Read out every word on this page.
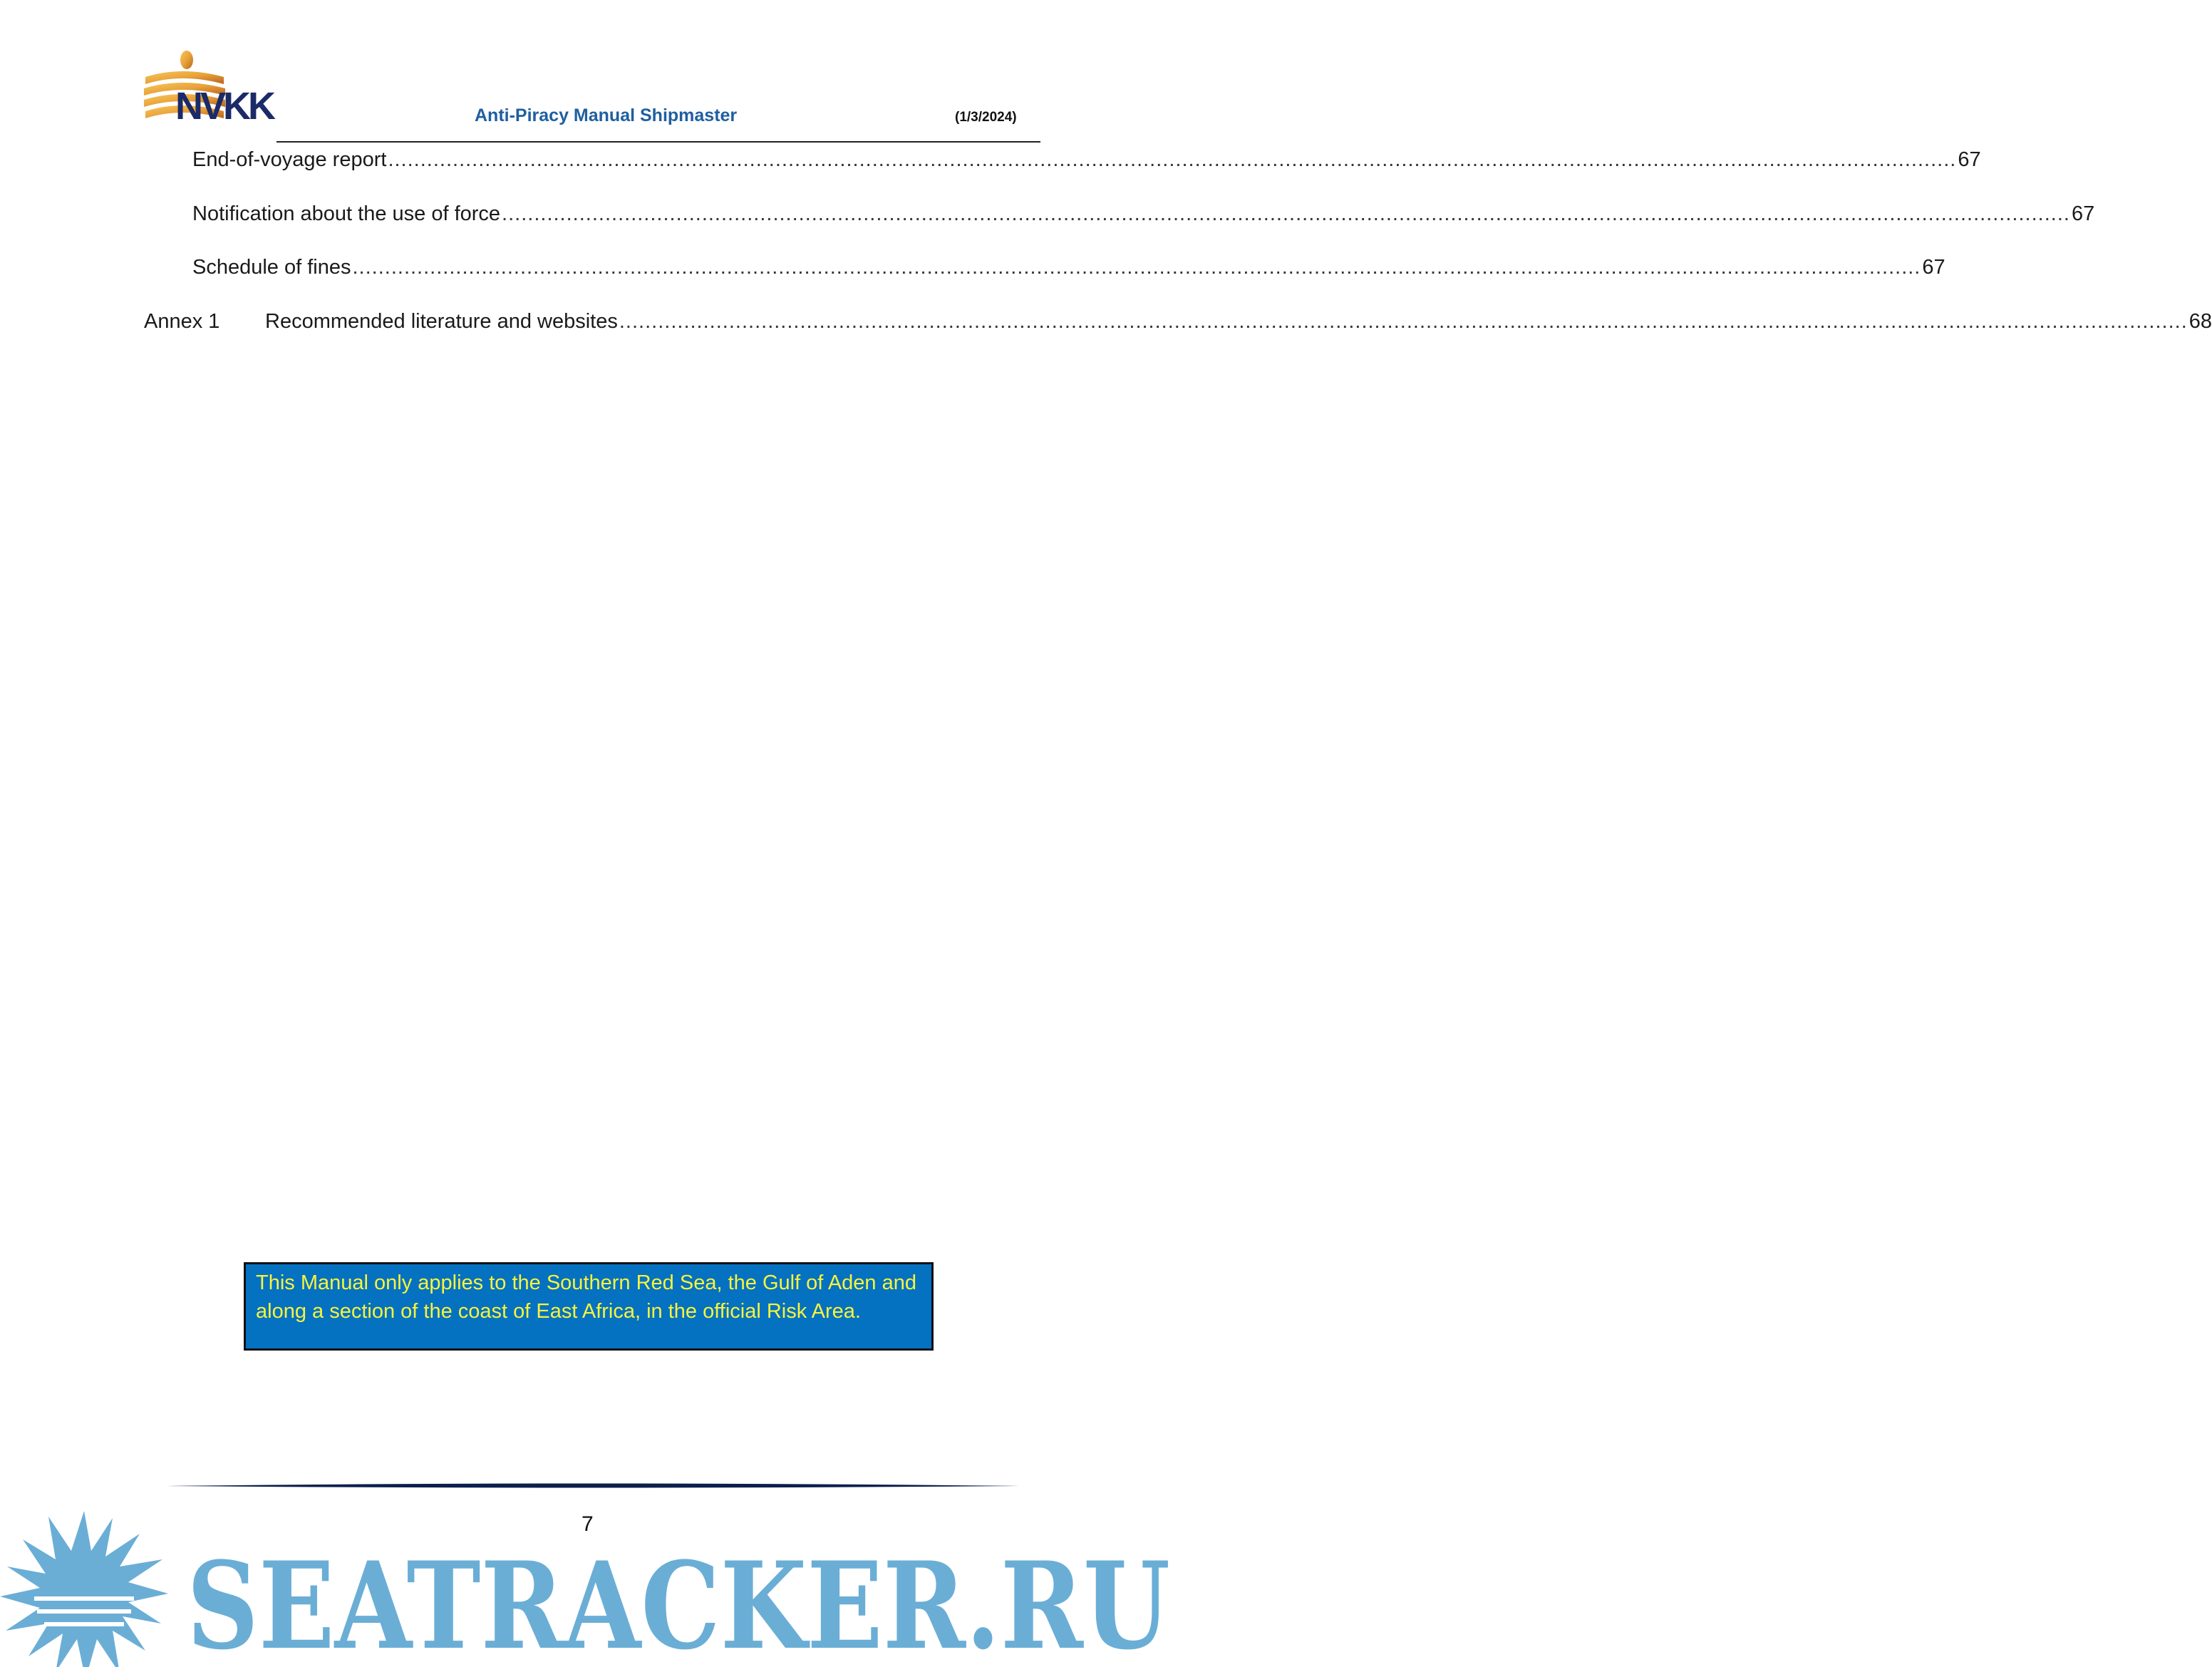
NVKK	Anti-Piracy Manual Shipmaster	(1/3/2024)
End-of-voyage report .....	67
Notification about the use of force .....	67
Schedule of fines .....	67
Annex 1 Recommended literature and websites .....	68
This Manual only applies to the Southern Red Sea, the Gulf of Aden and along a section of the coast of East Africa, in the official Risk Area.
7
SEATRACKER.RU
